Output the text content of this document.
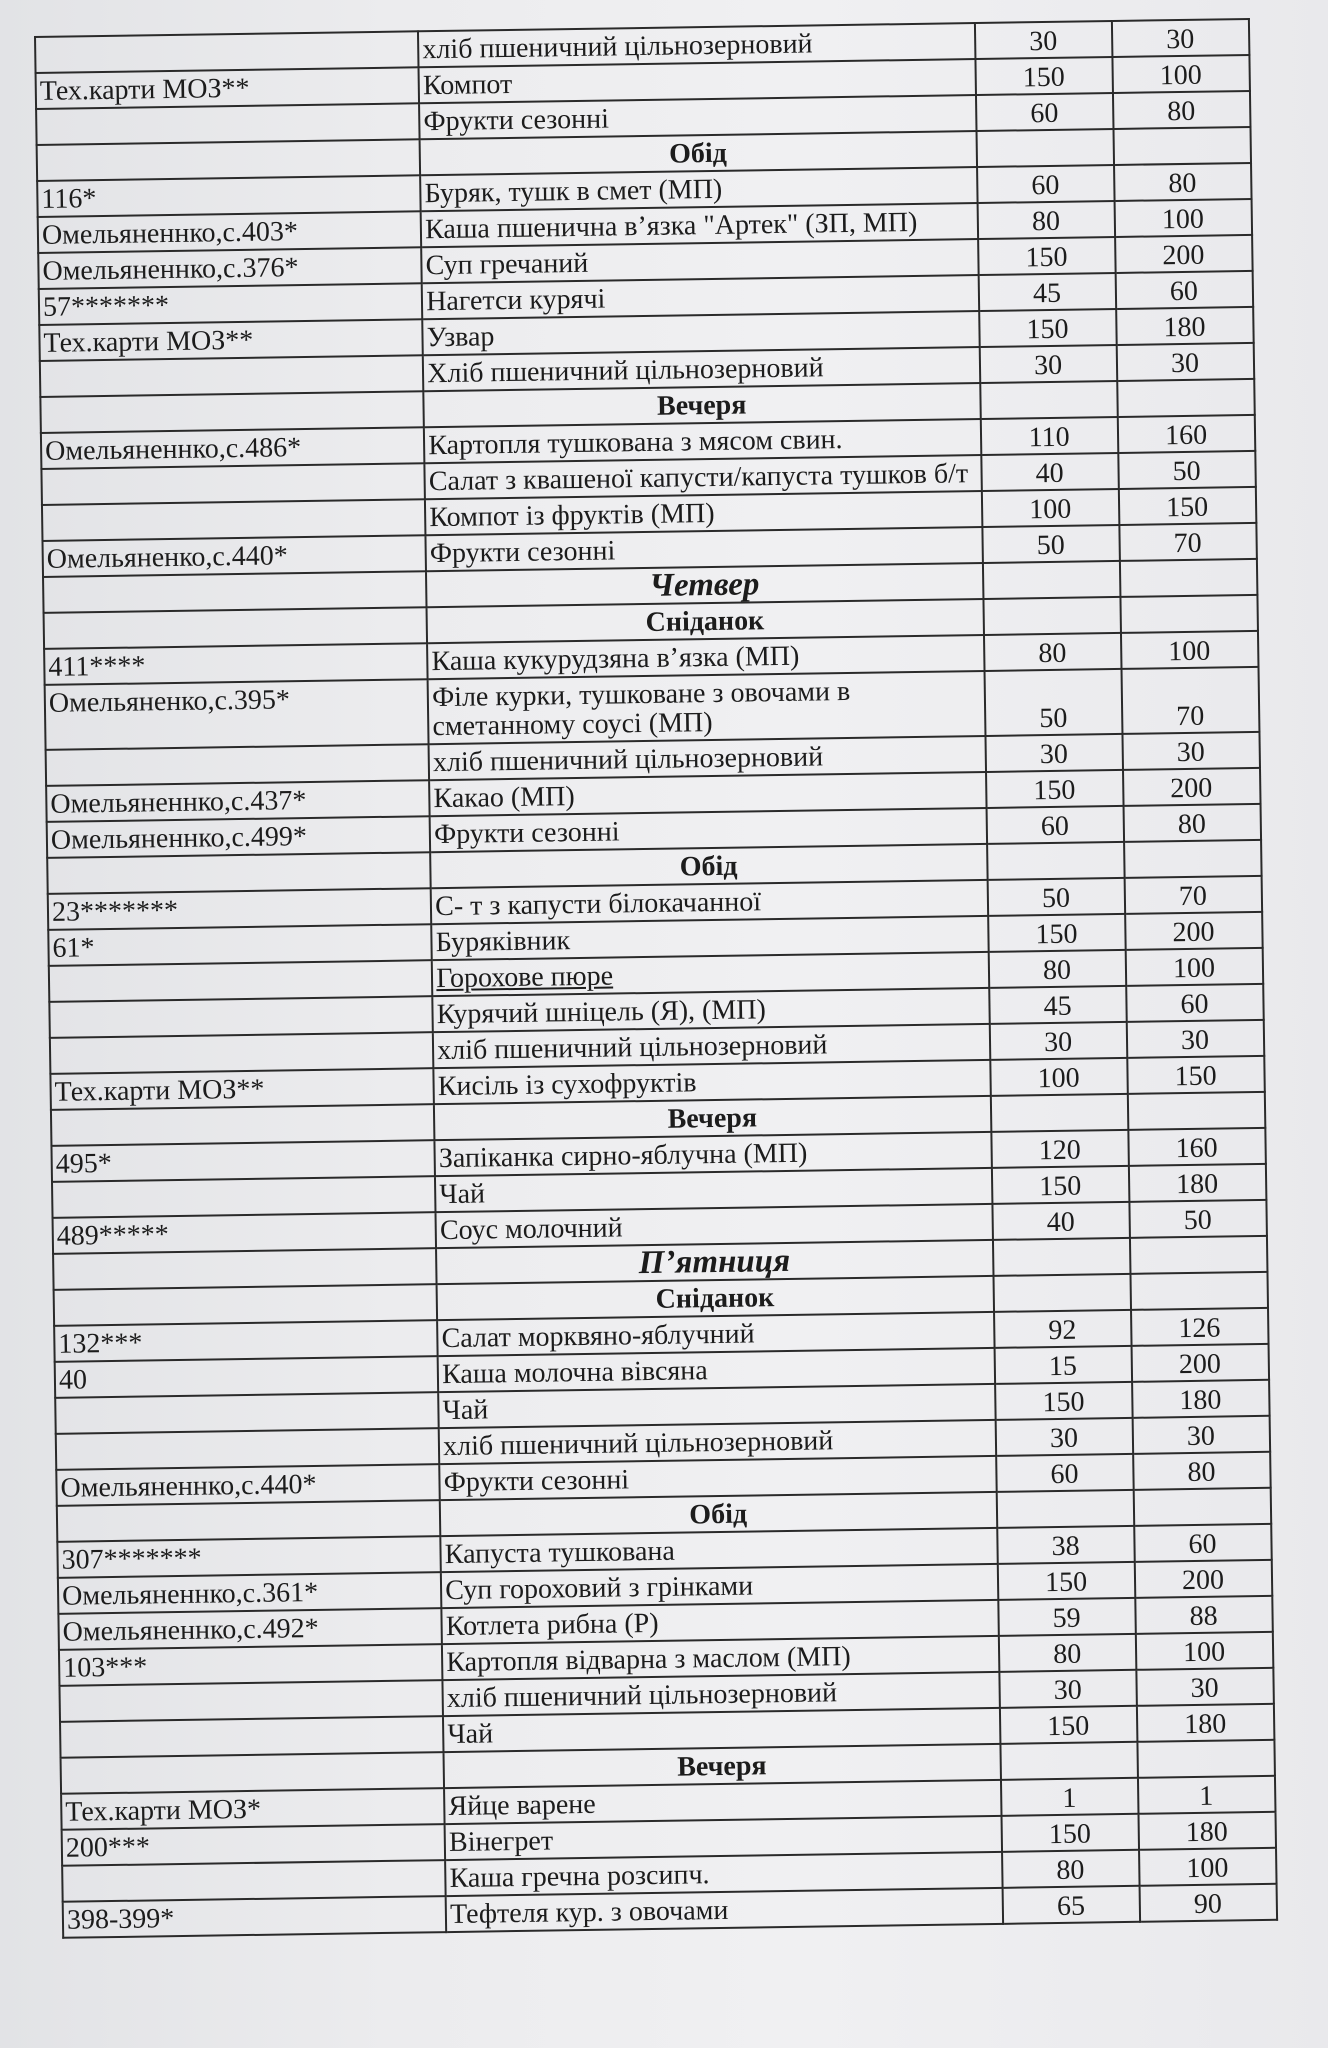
	хліб пшеничний цільнозерновий	30	30
Тех.карти МОЗ**	Компот	150	100
	Фрукти сезонні	60	80
	Обід		
116*	Буряк, тушк в смет (МП)	60	80
Омельяненнко,с.403*	Каша пшенична в’язка "Артек" (ЗП, МП)	80	100
Омельяненнко,с.376*	Суп гречаний	150	200
57*******	Нагетси курячі	45	60
Тех.карти МОЗ**	Узвар	150	180
	Хліб пшеничний цільнозерновий	30	30
	Вечеря		
Омельяненнко,с.486*	Картопля тушкована з мясом свин.	110	160
	Салат з квашеної капусти/капуста тушков б/т	40	50
	Компот із фруктів (МП)	100	150
Омельяненко,с.440*	Фрукти сезонні	50	70
	Четвер		
	Сніданок		
411****	Каша кукурудзяна в’язка (МП)	80	100
Омельяненко,с.395*	Філе курки, тушковане з овочами в сметанному соусі (МП)	50	70
	хліб пшеничний цільнозерновий	30	30
Омельяненнко,с.437*	Какао (МП)	150	200
Омельяненнко,с.499*	Фрукти сезонні	60	80
	Обід		
23*******	С- т з капусти білокачанної	50	70
61*	Буряківник	150	200
	Горохове пюре	80	100
	Курячий шніцель (Я), (МП)	45	60
	хліб пшеничний цільнозерновий	30	30
Тех.карти МОЗ**	Кисіль із сухофруктів	100	150
	Вечеря		
495*	Запіканка сирно-яблучна (МП)	120	160
	Чай	150	180
489*****	Соус молочний	40	50
	П’ятниця		
	Сніданок		
132***	Салат морквяно-яблучний	92	126
40	Каша молочна вівсяна	15	200
	Чай	150	180
	хліб пшеничний цільнозерновий	30	30
Омельяненнко,с.440*	Фрукти сезонні	60	80
	Обід		
307*******	Капуста тушкована	38	60
Омельяненнко,с.361*	Суп гороховий з грінками	150	200
Омельяненнко,с.492*	Котлета рибна (Р)	59	88
103***	Картопля відварна з маслом (МП)	80	100
	хліб пшеничний цільнозерновий	30	30
	Чай	150	180
	Вечеря		
Тех.карти МОЗ*	Яйце варене	1	1
200***	Вінегрет	150	180
	Каша гречна розсипч.	80	100
398-399*	Тефтеля кур. з овочами	65	90
